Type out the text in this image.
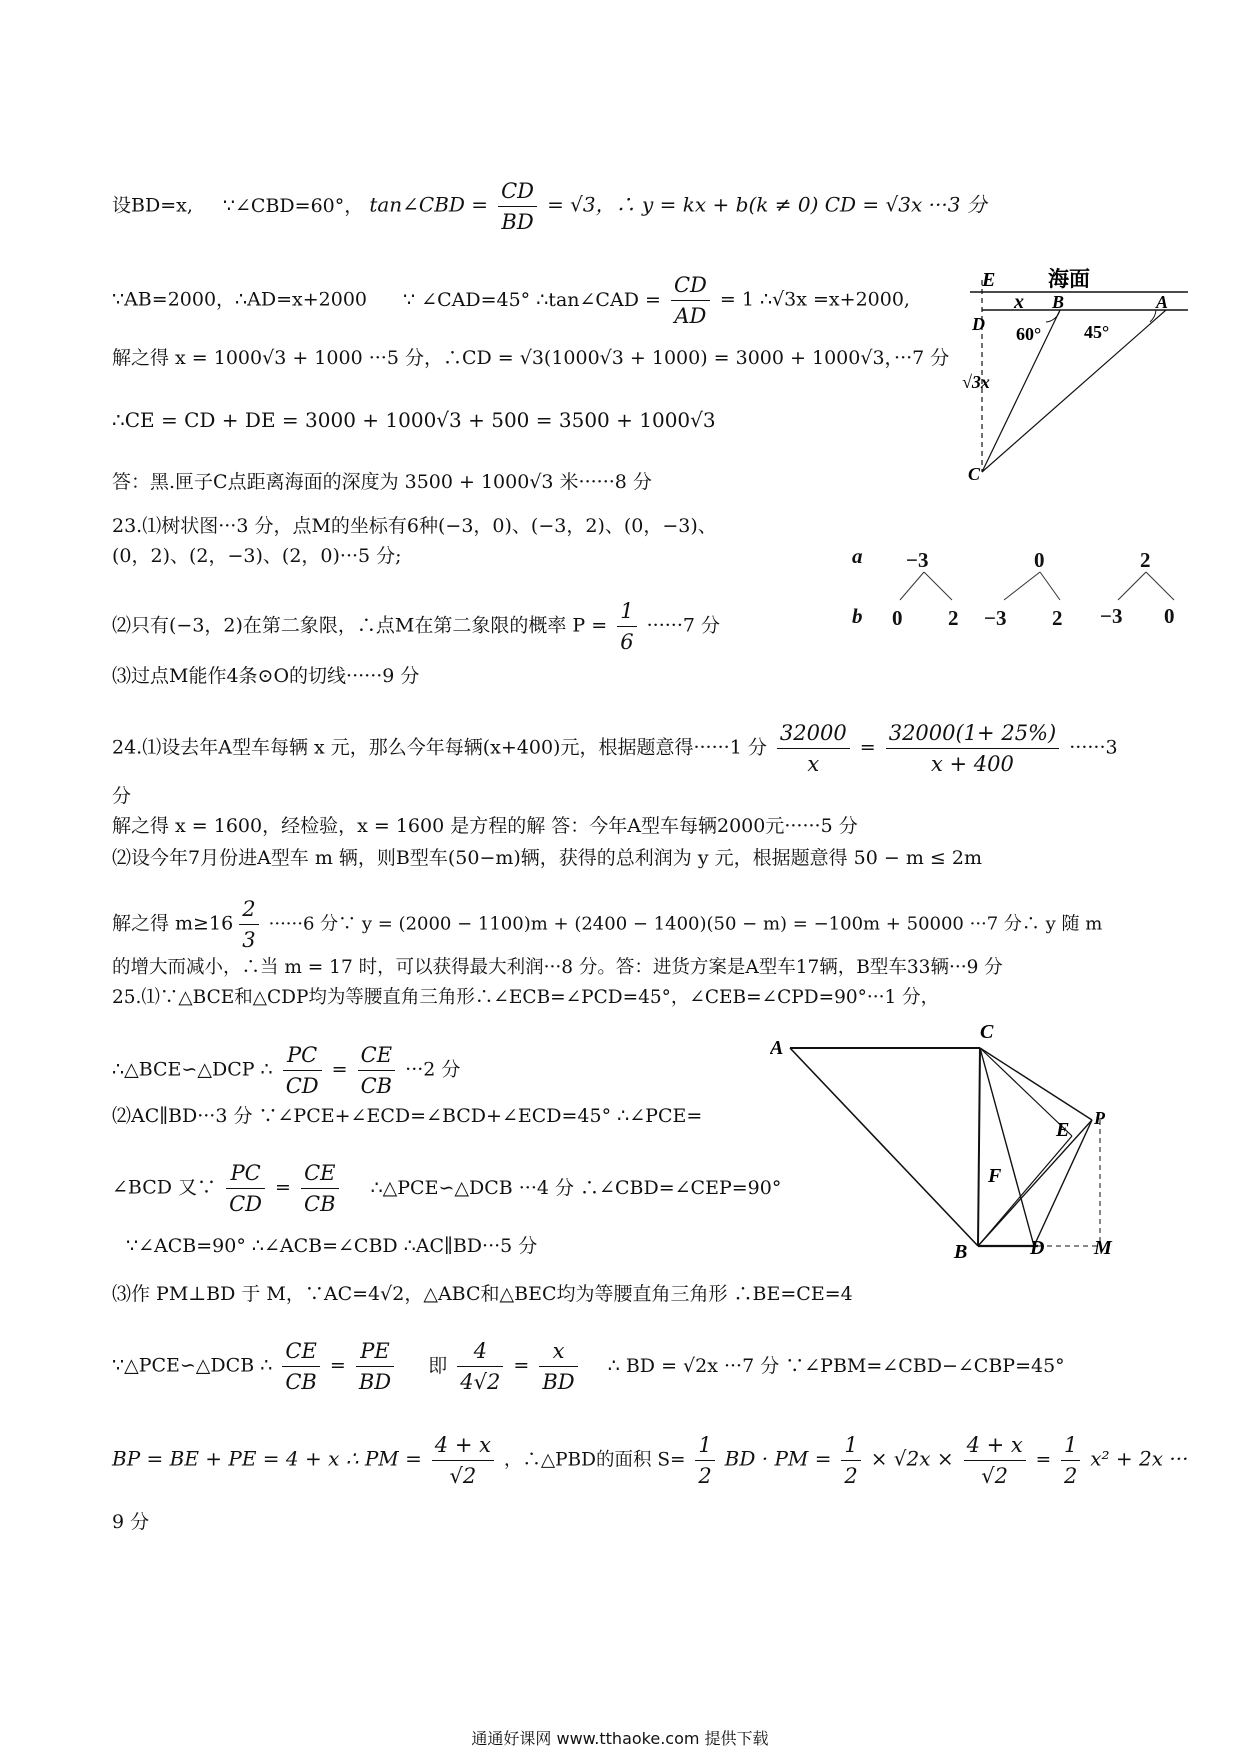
设BD=x, ∵∠CBD=60°， tan∠CBD = $\frac{CD}{BD} = √3$，∴ y = kx + b(k ≠ 0) CD = √3x ···3 分
∵AB=2000，∴AD=x+2000 ∵ ∠CAD=45° ∴tan∠CAD = $\frac{CD}{AD} = 1$ ∴√3x =x+2000,
解之得 x = 1000√3 + 1000 ···5 分，∴CD = √3(1000√3 + 1000) = 3000 + 1000√3，···7 分
∴CE = CD + DE = 3000 + 1000√3 + 500 = 3500 + 1000√3
答：黑.匣子C点距离海面的深度为 3500 + 1000√3 米······8 分
23.⑴树状图···3 分，点M的坐标有6种(−3，0)、(−3，2)、(0，−3)、
(0，2)、(2，−3)、(2，0)···5 分;
⑵只有(−3，2)在第二象限，∴点M在第二象限的概率 $P = \frac{1}{6} \cdot\cdot\cdot\cdot\cdot\cdot 7$ 分
⑶过点M能作4条⊙O的切线······9 分
24.⑴设去年A型车每辆 x 元，那么今年每辆(x+400)元，根据题意得······1 分 $\frac{32000}{x} = \frac{32000(1+ 25\%)}{x + 400} \cdot\cdot\cdot\cdot\cdot\cdot 3$
分
解之得 x = 1600，经检验，x = 1600 是方程的解 答：今年A型车每辆2000元······5 分
⑵设今年7月份进A型车 m 辆，则B型车(50−m)辆，获得的总利润为 y 元，根据题意得 50 − m ≤ 2m
解之得 $m\ge 16 \frac{2}{3} \cdot\cdot\cdot\cdot\cdot\cdot 6$ 分∵ y = (2000 − 1100)m + (2400 − 1400)(50 − m) = −100m + 50000 ···7 分∴ y 随 m
的增大而减小，∴当 m = 17 时，可以获得最大利润···8 分。答：进货方案是A型车17辆，B型车33辆···9 分
25.⑴∵△BCE和△CDP均为等腰直角三角形∴∠ECB=∠PCD=45°，∠CEB=∠CPD=90°···1 分，
∴△BCE∽△DCP ∴ $\frac{PC}{CD} = \frac{CE}{CB} \cdot\cdot\cdot 2$ 分
⑵AC∥BD···3 分 ∵∠PCE+∠ECD=∠BCD+∠ECD=45° ∴∠PCE=
∠BCD 又∵ $\frac{PC}{CD} = \frac{CE}{CB}$ ∴△PCE∽△DCB ···4 分 ∴∠CBD=∠CEP=90°
∵∠ACB=90° ∴∠ACB=∠CBD ∴AC∥BD···5 分
⑶作 PM⊥BD 于 M，∵AC=4√2，△ABC和△BEC均为等腰直角三角形 ∴BE=CE=4
∵△PCE∽△DCB ∴ $\frac{CE}{CB} = \frac{PE}{BD}$ 即 $\frac{4}{4√2} = \frac{x}{BD}$ ∴ BD = √2x ···7 分 ∵∠PBM=∠CBD−∠CBP=45°
BP = BE + PE = 4 + x ∴ PM = $\frac{4 + x}{√2}$ ，∴△PBD的面积 $S= \frac{1}{2}$ BD · PM = $\frac{1}{2} \times √2x \times \frac{4 + x}{√2} = \frac{1}{2} x^2 + 2x$ ···
9 分
E	海面
x
D
B
60° 45°
A
√3x
C
a
b
−3	0	2
0 2 −3 2 −3 0
A
C
P
E
F
B	D M
通通好课网 www.tthaoke.com 提供下载
